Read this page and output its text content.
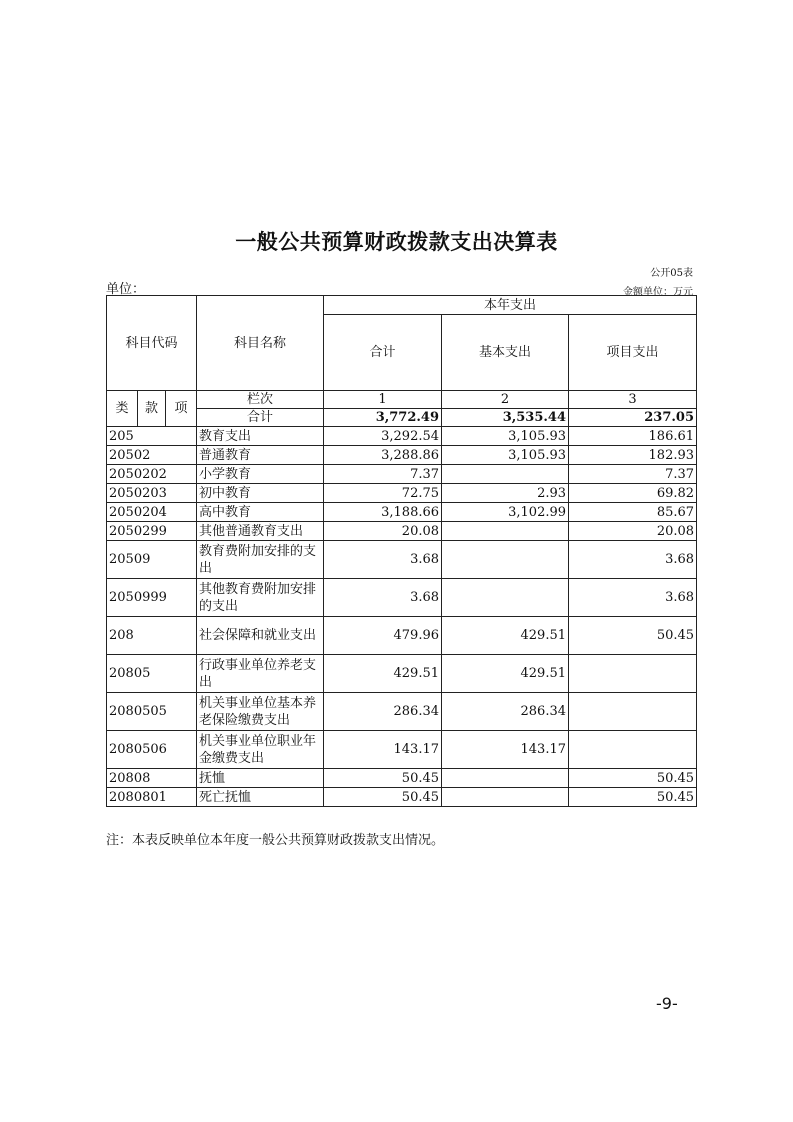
一般公共预算财政拨款支出决算表
公开05表
单位：	金额单位：万元
科目代码			科目名称	本年支出		
				合计	基本支出	项目支出
类	款	项	栏次	1	2	3
			合计	3,772.49	3,535.44	237.05
205			教育支出	3,292.54	3,105.93	186.61
20502			普通教育	3,288.86	3,105.93	182.93
2050202			小学教育	7.37		7.37
2050203			初中教育	72.75	2.93	69.82
2050204			高中教育	3,188.66	3,102.99	85.67
2050299			其他普通教育支出	20.08		20.08
20509			教育费附加安排的支出	3.68		3.68
2050999			其他教育费附加安排的支出	3.68		3.68
208			社会保障和就业支出	479.96	429.51	50.45
20805			行政事业单位养老支出	429.51	429.51	
2080505			机关事业单位基本养老保险缴费支出	286.34	286.34	
2080506			机关事业单位职业年金缴费支出	143.17	143.17	
20808			抚恤	50.45		50.45
2080801			死亡抚恤	50.45		50.45
注：本表反映单位本年度一般公共预算财政拨款支出情况。
-9-
